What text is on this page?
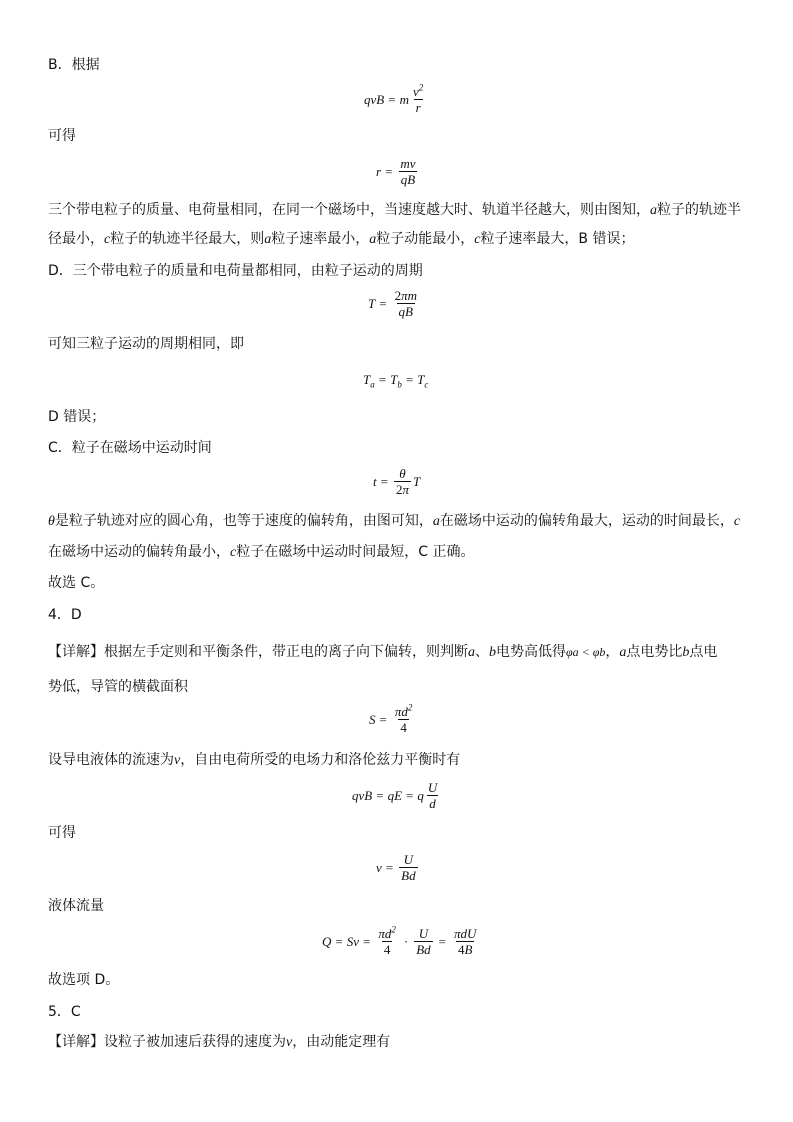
B．根据

qvB = m $\frac{v^2}{r}$

可得

$r = \frac{mv}{qB}$

三个带电粒子的质量、电荷量相同，在同一个磁场中，当速度越大时、轨道半径越大，则由图知，a粒子的轨迹半

径最小，c粒子的轨迹半径最大，则a粒子速率最小，a粒子动能最小，c粒子速率最大，B 错误；

D．三个带电粒子的质量和电荷量都相同，由粒子运动的周期

$T = \frac{2\pi m}{qB}$

可知三粒子运动的周期相同，即

$T_a = T_b = T_c$

D 错误；

C．粒子在磁场中运动时间

$t = \frac{\theta}{2\pi}$ T

θ是粒子轨迹对应的圆心角，也等于速度的偏转角，由图可知，a在磁场中运动的偏转角最大，运动的时间最长，c

在磁场中运动的偏转角最小，c粒子在磁场中运动时间最短，C 正确。

故选 C。

4．D

【详解】根据左手定则和平衡条件，带正电的离子向下偏转，则判断a、b电势高低得φa < φb，a点电势比b点电

势低，导管的横截面积

$S = \frac{\pi d^2}{4}$

设导电液体的流速为v，自由电荷所受的电场力和洛伦兹力平衡时有

qvB = qE = q $\frac{U}{d}$

可得

$v = \frac{U}{Bd}$

液体流量

$Q = Sv = \frac{\pi d^2}{4} \cdot \frac{U}{Bd} = \frac{\text{πdU}}{4B}$

故选项 D。

5．C

【详解】设粒子被加速后获得的速度为v，由动能定理有
